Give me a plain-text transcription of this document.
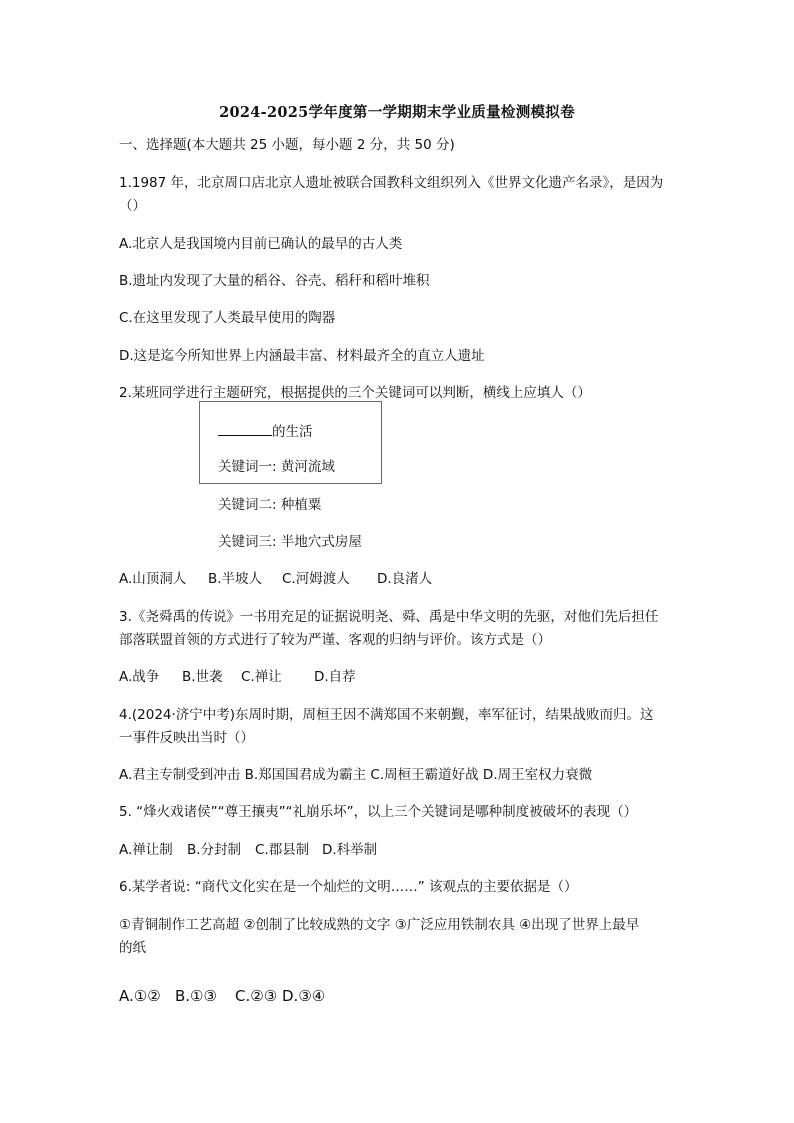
2024-2025学年度第一学期期末学业质量检测模拟卷
一、选择题(本大题共 25 小题，每小题 2 分，共 50 分)
1.1987 年，北京周口店北京人遗址被联合国教科文组织列入《世界文化遗产名录》，是因为
（）
A.北京人是我国境内目前已确认的最早的古人类
B.遗址内发现了大量的稻谷、谷壳、稻秆和稻叶堆积
C.在这里发现了人类最早使用的陶器
D.这是迄今所知世界上内涵最丰富、材料最齐全的直立人遗址
2.某班同学进行主题研究，根据提供的三个关键词可以判断，横线上应填人（）
的生活
关键词一: 黄河流域
关键词二: 种植粟
关键词三: 半地穴式房屋
A.山顶洞人 B.半坡人 C.河姆渡人 D.良渚人
3.《尧舜禹的传说》一书用充足的证据说明尧、舜、禹是中华文明的先驱，对他们先后担任
部落联盟首领的方式进行了较为严谨、客观的归纳与评价。该方式是（）
A.战争 B.世袭 C.禅让 D.自荐
4.(2024·济宁中考)东周时期，周桓王因不满郑国不来朝觐，率军征讨，结果战败而归。这
一事件反映出当时（）
A.君主专制受到冲击 B.郑国国君成为霸主 C.周桓王霸道好战 D.周王室权力衰微
5. “烽火戏诸侯”“尊王攘夷”“礼崩乐坏”，以上三个关键词是哪种制度被破坏的表现（）
A.禅让制 B.分封制 C.郡县制 D.科举制
6.某学者说: “商代文化实在是一个灿烂的文明……” 该观点的主要依据是（）
①青铜制作工艺高超 ②创制了比较成熟的文字 ③广泛应用铁制农具 ④出现了世界上最早
的纸
A.①② B.①③ C.②③ D.③④
